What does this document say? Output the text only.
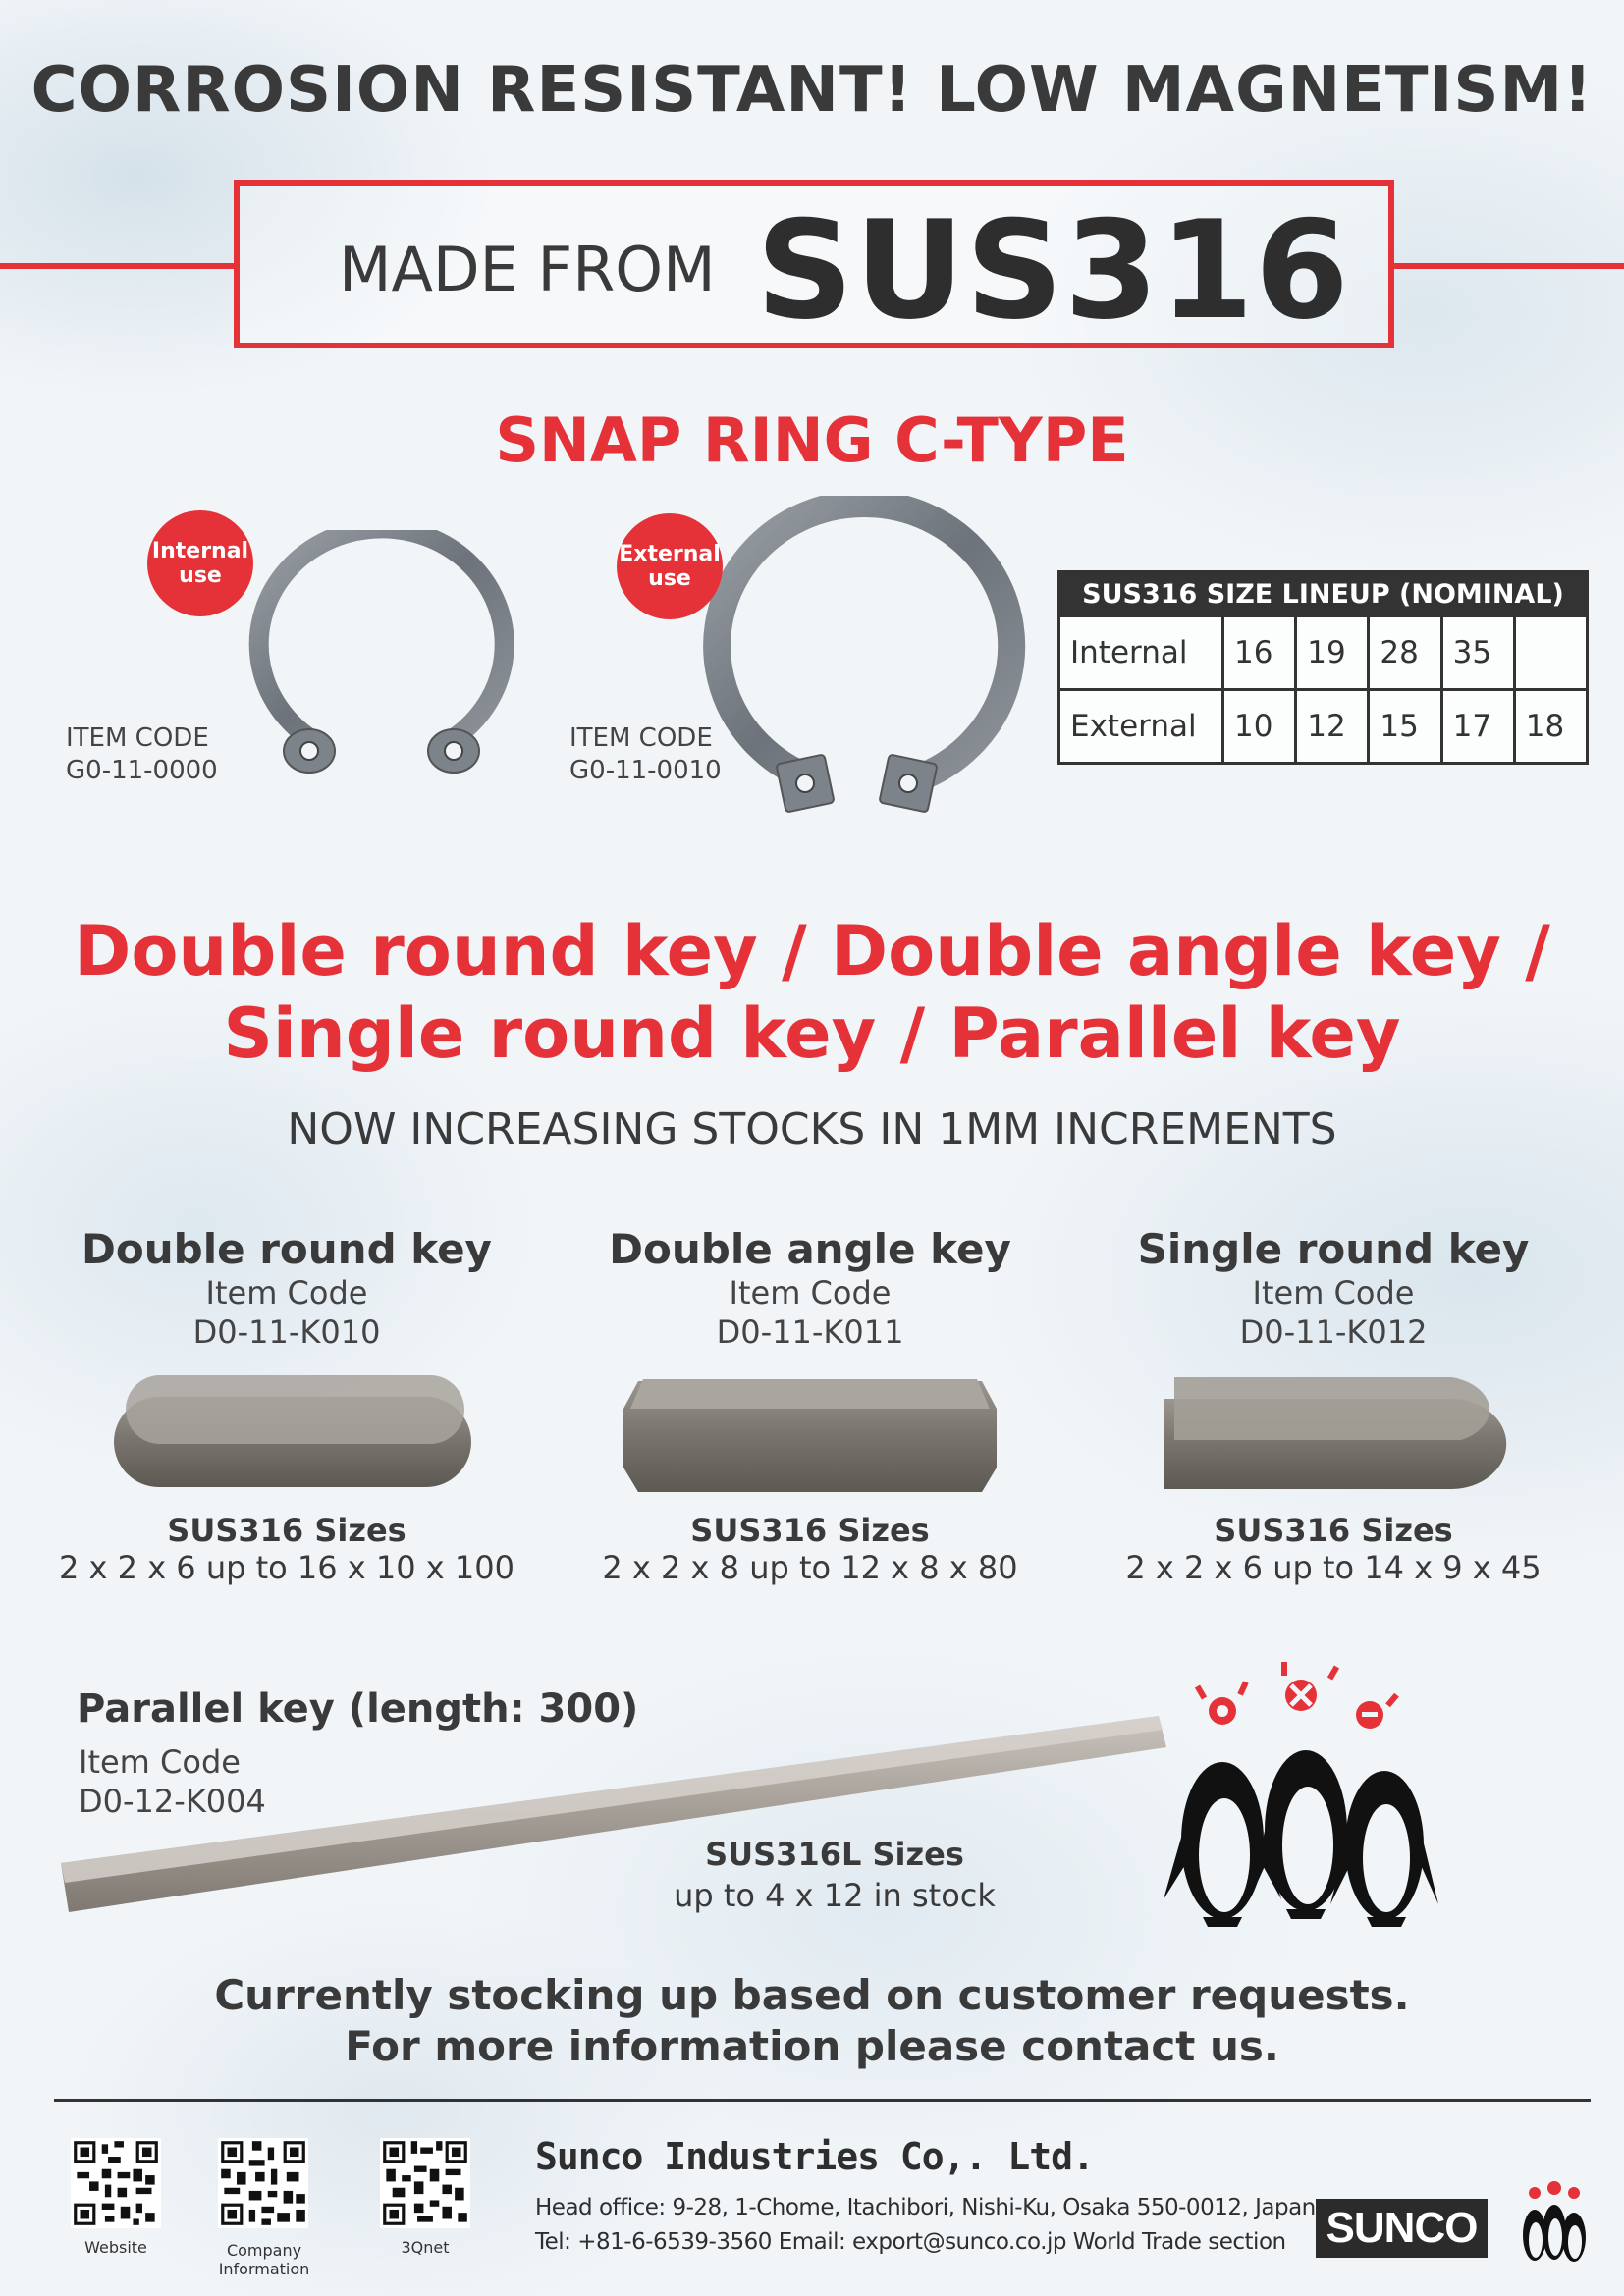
CORROSION RESISTANT! LOW MAGNETISM!
MADE FROM SUS316
SNAP RING C-TYPE
Internal
use
ITEM CODE
G0-11-0000
External
use
ITEM CODE
G0-11-0010
SUS316 SIZE LINEUP (NOMINAL)					
Internal	16	19	28	35	
External	10	12	15	17	18
Double round key / Double angle key /
Single round key / Parallel key
NOW INCREASING STOCKS IN 1MM INCREMENTS
Double round key
Item Code
D0-11-K010
SUS316 Sizes
2 x 2 x 6 up to 16 x 10 x 100
Double angle key
Item Code
D0-11-K011
SUS316 Sizes
2 x 2 x 8 up to 12 x 8 x 80
Single round key
Item Code
D0-11-K012
SUS316 Sizes
2 x 2 x 6 up to 14 x 9 x 45
Parallel key (length: 300)
Item Code
D0-12-K004
SUS316L Sizes
up to 4 x 12 in stock
Currently stocking up based on customer requests.
For more information please contact us.
Website	Company Information
3Qnet
Sunco Industries Co,. Ltd.
Head office: 9-28, 1-Chome, Itachibori, Nishi-Ku, Osaka 550-0012, Japan
Tel: +81-6-6539-3560 Email: export@sunco.co.jp World Trade section SUNCO
